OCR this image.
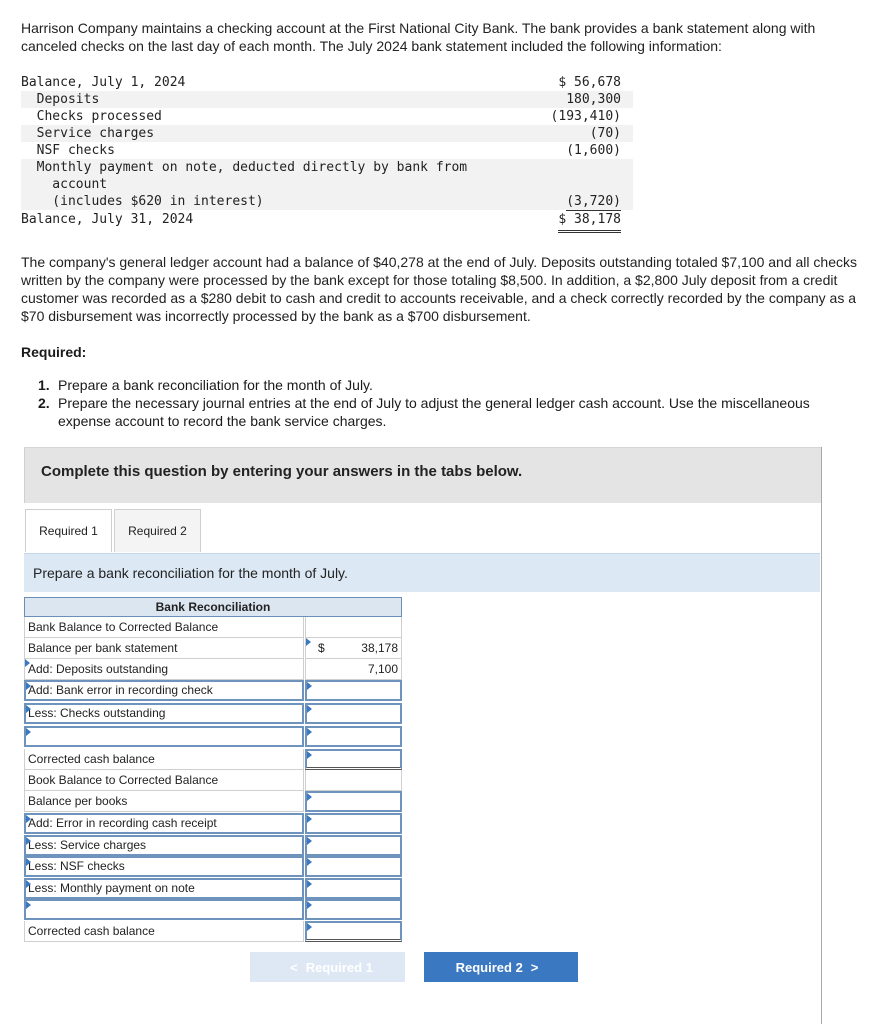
Harrison Company maintains a checking account at the First National City Bank. The bank provides a bank statement along with canceled checks on the last day of each month. The July 2024 bank statement included the following information:
Balance, July 1, 2024	$ 56,678
Deposits	180,300
Checks processed	(193,410)
Service charges	(70)
NSF checks	(1,600)
Monthly payment on note, deducted directly by bank from
account
(includes $620 in interest)	(3,720)
Balance, July 31, 2024	$ 38,178
The company's general ledger account had a balance of $40,278 at the end of July. Deposits outstanding totaled $7,100 and all checks written by the company were processed by the bank except for those totaling $8,500. In addition, a $2,800 July deposit from a credit customer was recorded as a $280 debit to cash and credit to accounts receivable, and a check correctly recorded by the company as a $70 disbursement was incorrectly processed by the bank as a $700 disbursement.
Required:
1. Prepare a bank reconciliation for the month of July.
2. Prepare the necessary journal entries at the end of July to adjust the general ledger cash account. Use the miscellaneous expense account to record the bank service charges.
Complete this question by entering your answers in the tabs below.
Required 1	Required 2
Prepare a bank reconciliation for the month of July.
Bank Reconciliation
Bank Balance to Corrected Balance
Balance per bank statement	$	38,178
Add: Deposits outstanding	7,100
Add: Bank error in recording check
Less: Checks outstanding
Corrected cash balance
Book Balance to Corrected Balance
Balance per books
Add: Error in recording cash receipt
Less: Service charges
Less: NSF checks
Less: Monthly payment on note
Corrected cash balance
< Required 1	Required 2 >
